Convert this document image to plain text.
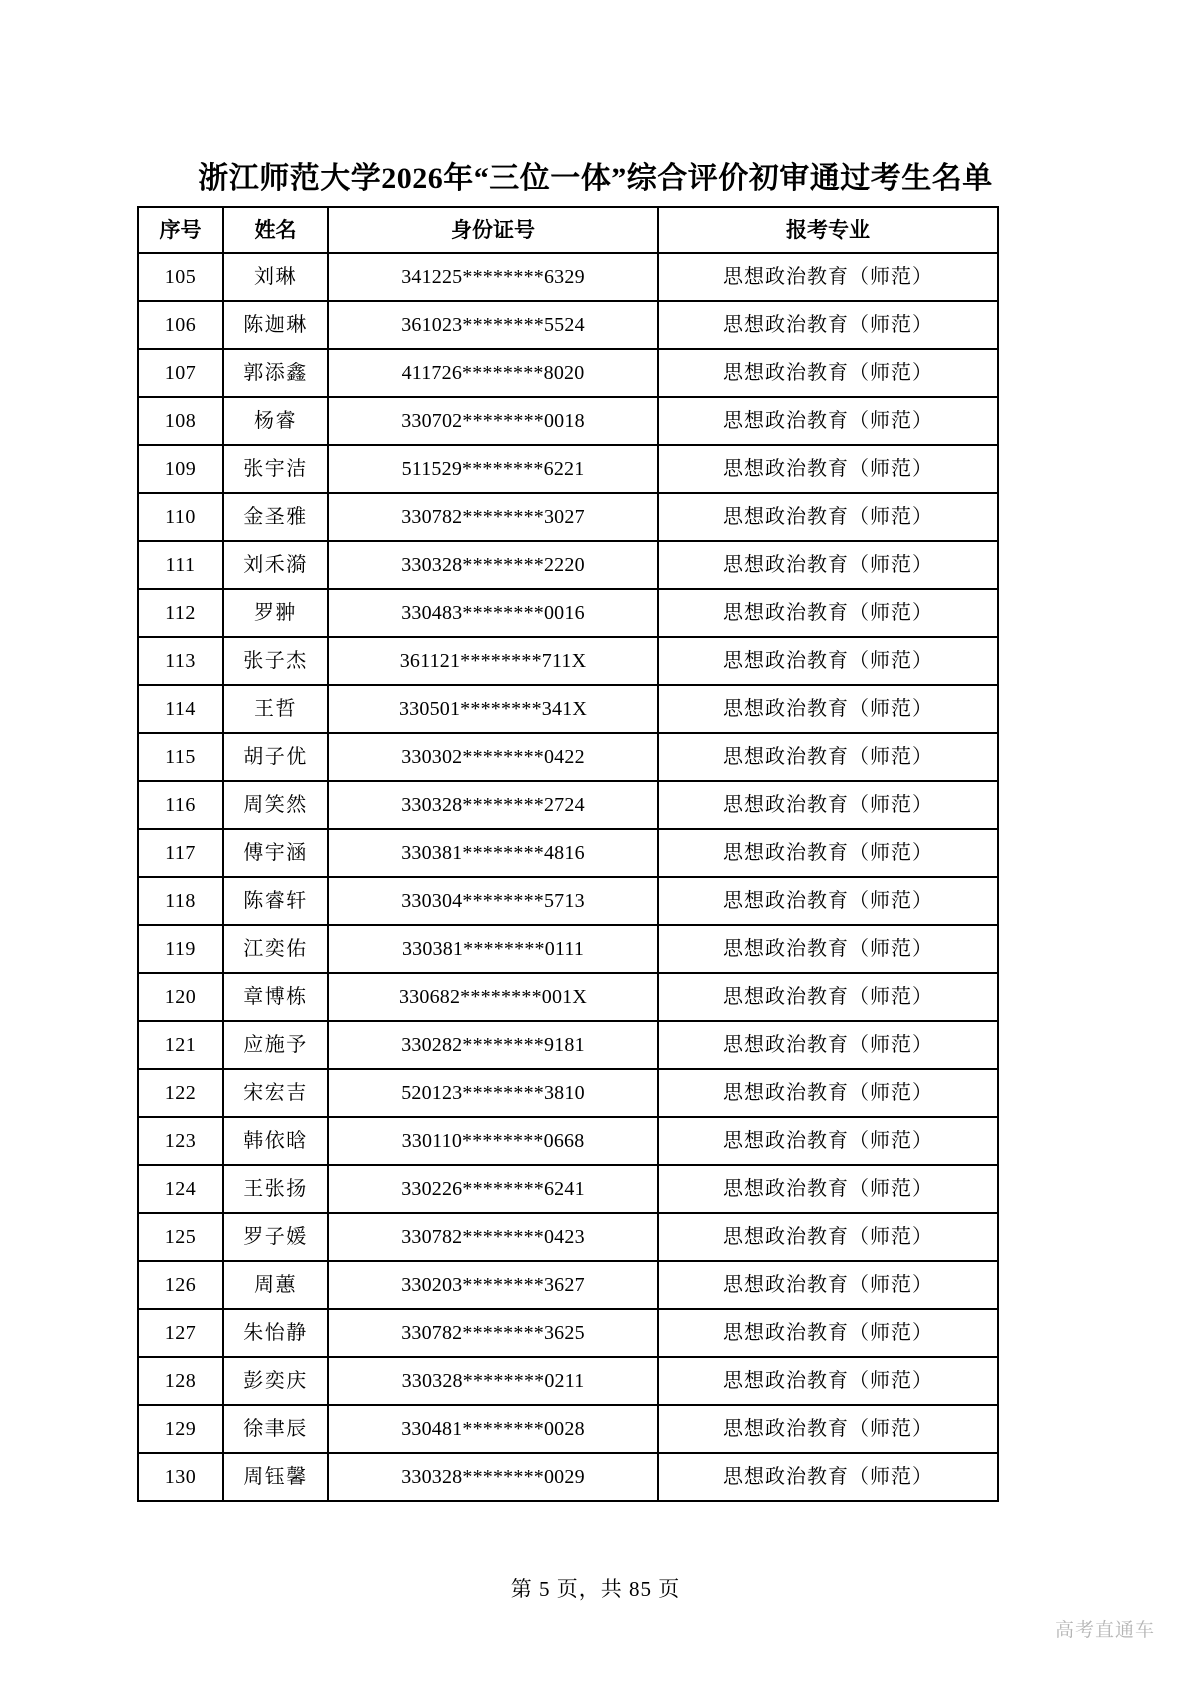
浙江师范大学2026年“三位一体”综合评价初审通过考生名单
序号	姓名	身份证号	报考专业
105	刘琳	341225********6329	思想政治教育（师范）
106	陈迦琳	361023********5524	思想政治教育（师范）
107	郭添鑫	411726********8020	思想政治教育（师范）
108	杨睿	330702********0018	思想政治教育（师范）
109	张宇洁	511529********6221	思想政治教育（师范）
110	金圣雅	330782********3027	思想政治教育（师范）
111	刘禾漪	330328********2220	思想政治教育（师范）
112	罗翀	330483********0016	思想政治教育（师范）
113	张子杰	361121********711X	思想政治教育（师范）
114	王哲	330501********341X	思想政治教育（师范）
115	胡子优	330302********0422	思想政治教育（师范）
116	周笑然	330328********2724	思想政治教育（师范）
117	傅宇涵	330381********4816	思想政治教育（师范）
118	陈睿轩	330304********5713	思想政治教育（师范）
119	江奕佑	330381********0111	思想政治教育（师范）
120	章博栋	330682********001X	思想政治教育（师范）
121	应施予	330282********9181	思想政治教育（师范）
122	宋宏吉	520123********3810	思想政治教育（师范）
123	韩依晗	330110********0668	思想政治教育（师范）
124	王张扬	330226********6241	思想政治教育（师范）
125	罗子媛	330782********0423	思想政治教育（师范）
126	周蕙	330203********3627	思想政治教育（师范）
127	朱怡静	330782********3625	思想政治教育（师范）
128	彭奕庆	330328********0211	思想政治教育（师范）
129	徐聿辰	330481********0028	思想政治教育（师范）
130	周钰馨	330328********0029	思想政治教育（师范）
第 5 页，共 85 页
高考直通车
